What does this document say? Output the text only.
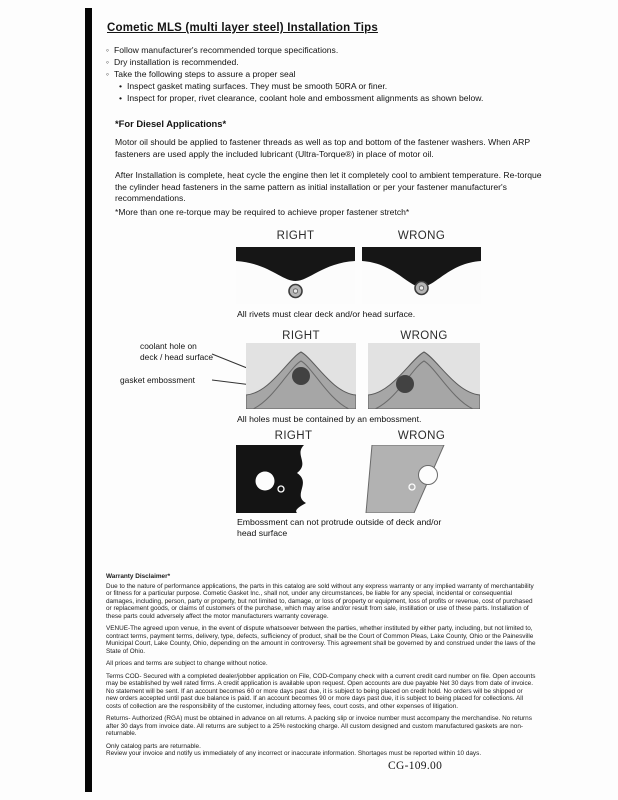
Cometic MLS (multi layer steel) Installation Tips
◦ Follow manufacturer's recommended torque specifications.
◦ Dry installation is recommended.
◦ Take the following steps to assure a proper seal
• Inspect gasket mating surfaces. They must be smooth 50RA or finer.
• Inspect for proper, rivet clearance, coolant hole and embossment alignments as shown below.
*For Diesel Applications*

Motor oil should be applied to fastener threads as well as top and bottom of the fastener washers. When ARP fasteners are used apply the included lubricant (Ultra-Torque®) in place of motor oil.

After Installation is complete, heat cycle the engine then let it completely cool to ambient temperature. Re-torque the cylinder head fasteners in the same pattern as initial installation or per your fastener manufacturer's recommendations.

*More than one re-torque may be required to achieve proper fastener stretch*

RIGHT	WRONG
All rivets must clear deck and/or head surface.
RIGHT	WRONG
coolant hole on deck / head surface
gasket embossment
All holes must be contained by an embossment.
RIGHT	WRONG
Embossment can not protrude outside of deck and/or head surface
Warranty Disclaimer*

Due to the nature of performance applications, the parts in this catalog are sold without any express warranty or any implied warranty of merchantability or fitness for a particular purpose. Cometic Gasket Inc., shall not, under any circumstances, be liable for any special, incidental or consequential damages, including, person, party or property, but not limited to, damage, or loss of property or equipment, loss of profits or revenue, cost of purchased or replacement goods, or claims of customers of the purchase, which may arise and/or result from sale, instillation or use of these parts. Installation of these parts could adversely affect the motor manufacturers warranty coverage.

VENUE-The agreed upon venue, in the event of dispute whatsoever between the parties, whether instituted by either party, including, but not limited to, contract terms, payment terms, delivery, type, defects, sufficiency of product, shall be the Court of Common Pleas, Lake County, Ohio or the Painesville Municipal Court, Lake County, Ohio, depending on the amount in controversy. This agreement shall be governed by and construed under the laws of the State of Ohio.

All prices and terms are subject to change without notice.

Terms COD- Secured with a completed dealer/jobber application on File, COD-Company check with a current credit card number on file. Open accounts may be established by well rated firms. A credit application is available upon request. Open accounts are due payable Net 30 days from date of invoice. No statement will be sent. If an account becomes 60 or more days past due, it is subject to being placed on credit hold. No orders will be shipped or new orders accepted until past due balance is paid. If an account becomes 90 or more days past due, it is subject to being placed for collections. All costs of collection are the responsibility of the customer, including attorney fees, court costs, and other expenses of litigation.

Returns- Authorized (RGA) must be obtained in advance on all returns. A packing slip or invoice number must accompany the merchandise. No returns after 30 days from invoice date. All returns are subject to a 25% restocking charge. All custom designed and custom manufactured gaskets are non-returnable.

Only catalog parts are returnable.

Review your invoice and notify us immediately of any incorrect or inaccurate information. Shortages must be reported within 10 days.

CG-109.00
